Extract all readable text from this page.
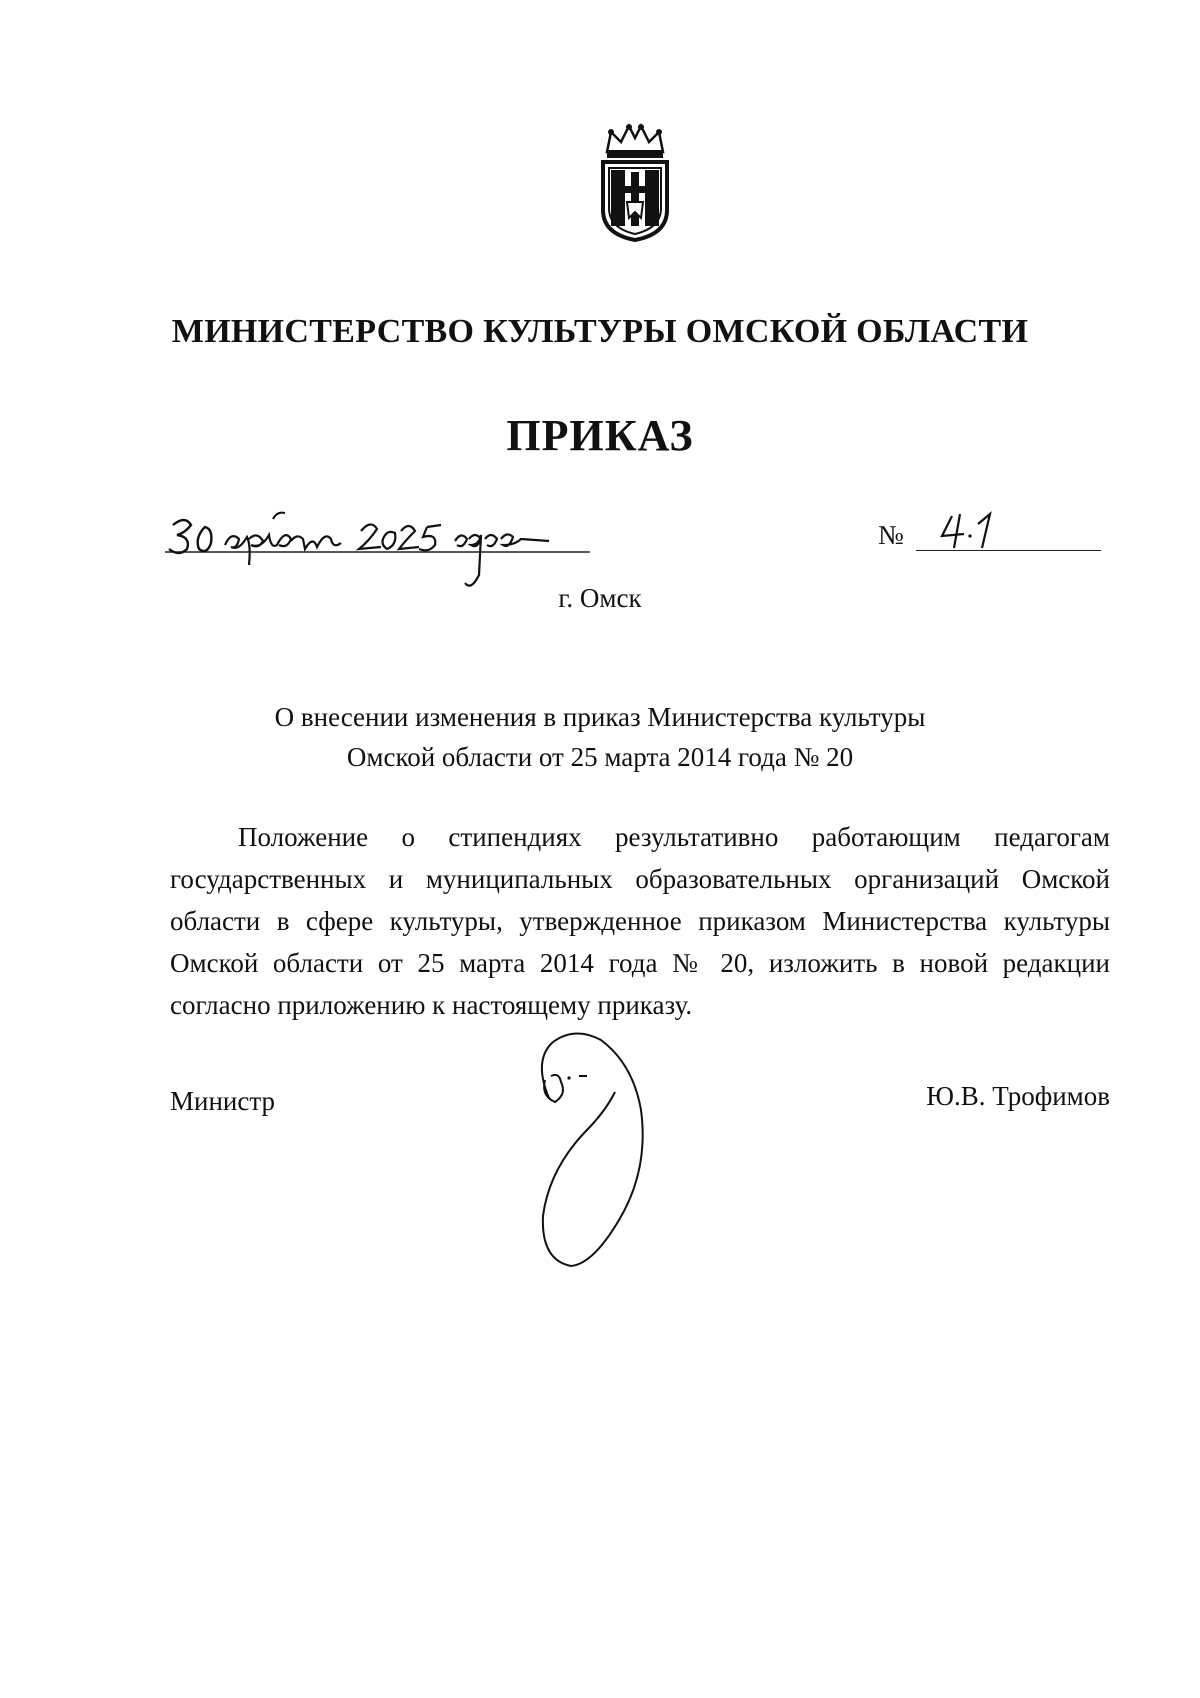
МИНИСТЕРСТВО КУЛЬТУРЫ ОМСКОЙ ОБЛАСТИ
ПРИКАЗ
№
г. Омск
О внесении изменения в приказ Министерства культуры
Омской области от 25 марта 2014 года № 20
Положение о стипендиях результативно работающим педагогам государственных и муниципальных образовательных организаций Омской области в сфере культуры, утвержденное приказом Министерства культуры Омской области от 25 марта 2014 года № 20, изложить в новой редакции согласно приложению к настоящему приказу.
Министр	Ю.В. Трофимов
